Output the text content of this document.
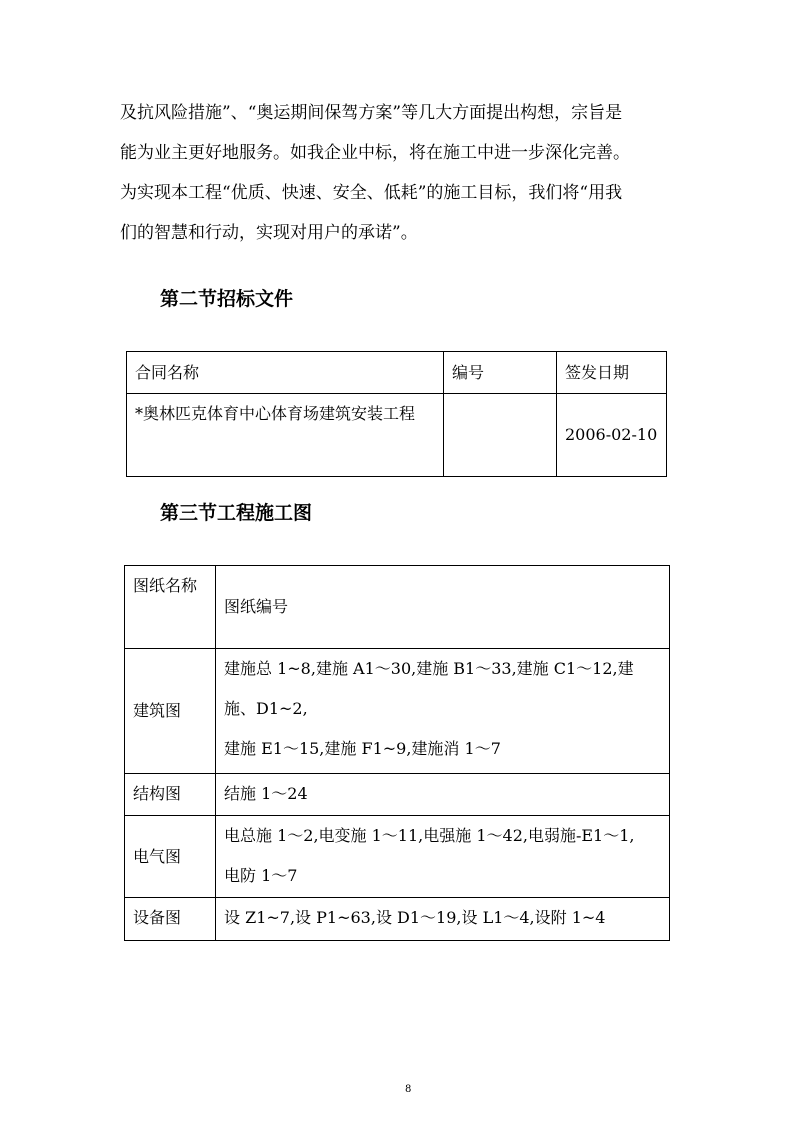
及抗风险措施”、“奥运期间保驾方案”等几大方面提出构想，宗旨是
能为业主更好地服务。如我企业中标，将在施工中进一步深化完善。
为实现本工程“优质、快速、安全、低耗”的施工目标，我们将“用我
们的智慧和行动，实现对用户的承诺”。
第二节招标文件
合同名称	编号	签发日期
*奥林匹克体育中心体育场建筑安装工程		2006-02-10
第三节工程施工图
图纸名称	图纸编号
建筑图	建施总 1~8,建施 A1～30,建施 B1～33,建施 C1～12,建
施、D1~2,
建施 E1～15,建施 F1~9,建施消 1～7

结构图	结施 1～24

电气图	电总施 1～2,电变施 1～11,电强施 1～42,电弱施-E1～1,
电防 1～7

设备图	设 Z1~7,设 P1~63,设 D1～19,设 L1～4,设附 1~4
8
